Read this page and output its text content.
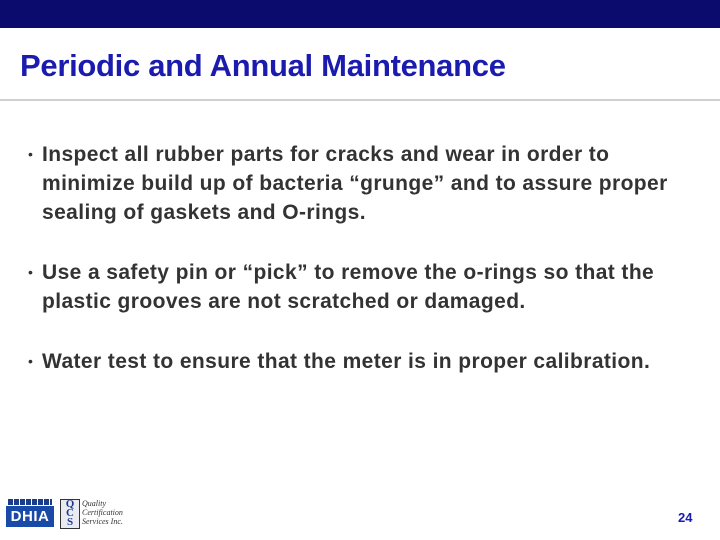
Periodic and Annual Maintenance
• Inspect all rubber parts for cracks and wear in order to minimize build up of bacteria “grunge” and to assure proper sealing of gaskets and O-rings.
• Use a safety pin or “pick” to remove the o-rings so that the plastic grooves are not scratched or damaged.
• Water test to ensure that the meter is in proper calibration.
DHIA
Q
C
S
Quality
Certification
Services Inc.	24
